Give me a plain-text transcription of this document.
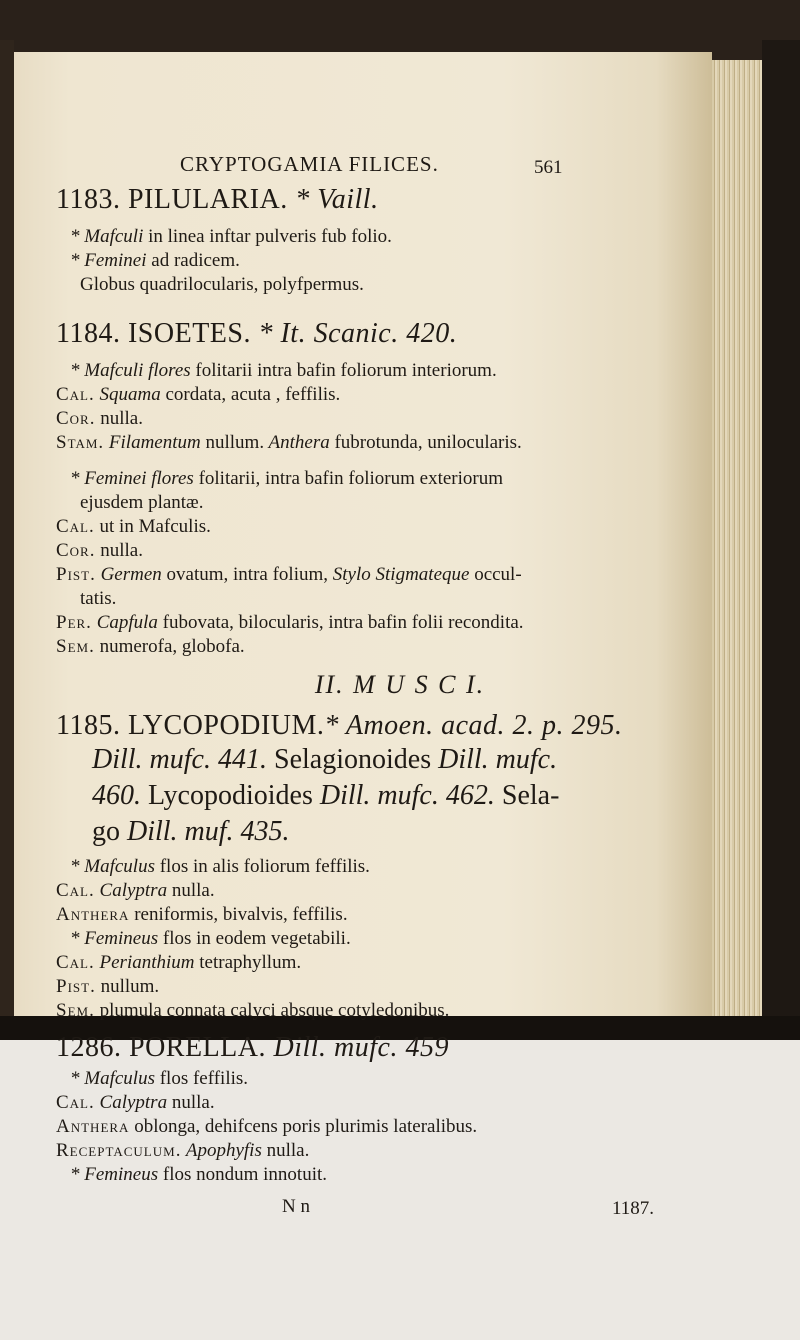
CRYPTOGAMIA FILICES.	561
1183. PILULARIA. * Vaill.
* Mafculi in linea inftar pulveris fub folio.
* Feminei ad radicem.
Globus quadrilocularis, polyfpermus.
1184. ISOETES. * It. Scanic. 420.
* Mafculi flores folitarii intra bafin foliorum interiorum.
Cal. Squama cordata, acuta , feffilis.
Cor. nulla.
Stam. Filamentum nullum. Anthera fubrotunda, unilocularis.
* Feminei flores folitarii, intra bafin foliorum exteriorum
ejusdem plantæ.
Cal. ut in Mafculis.
Cor. nulla.
Pist. Germen ovatum, intra folium, Stylo Stigmateque occul-
tatis.
Per. Capfula fubovata, bilocularis, intra bafin folii recondita.
Sem. numerofa, globofa.
II. M U S C I.
1185. LYCOPODIUM.* Amoen. acad. 2. p. 295.
Dill. mufc. 441. Selagionoides Dill. mufc.
460. Lycopodioides Dill. mufc. 462. Sela-
go Dill. muf. 435.
* Mafculus flos in alis foliorum feffilis.
Cal. Calyptra nulla.
Anthera reniformis, bivalvis, feffilis.
* Femineus flos in eodem vegetabili.
Cal. Perianthium tetraphyllum.
Pist. nullum.
Sem. plumula connata calyci absque cotyledonibus.
1286. PORELLA. Dill. mufc. 459
* Mafculus flos feffilis.
Cal. Calyptra nulla.
Anthera oblonga, dehifcens poris plurimis lateralibus.
Receptaculum. Apophyfis nulla.
* Femineus flos nondum innotuit.
N n	1187.
